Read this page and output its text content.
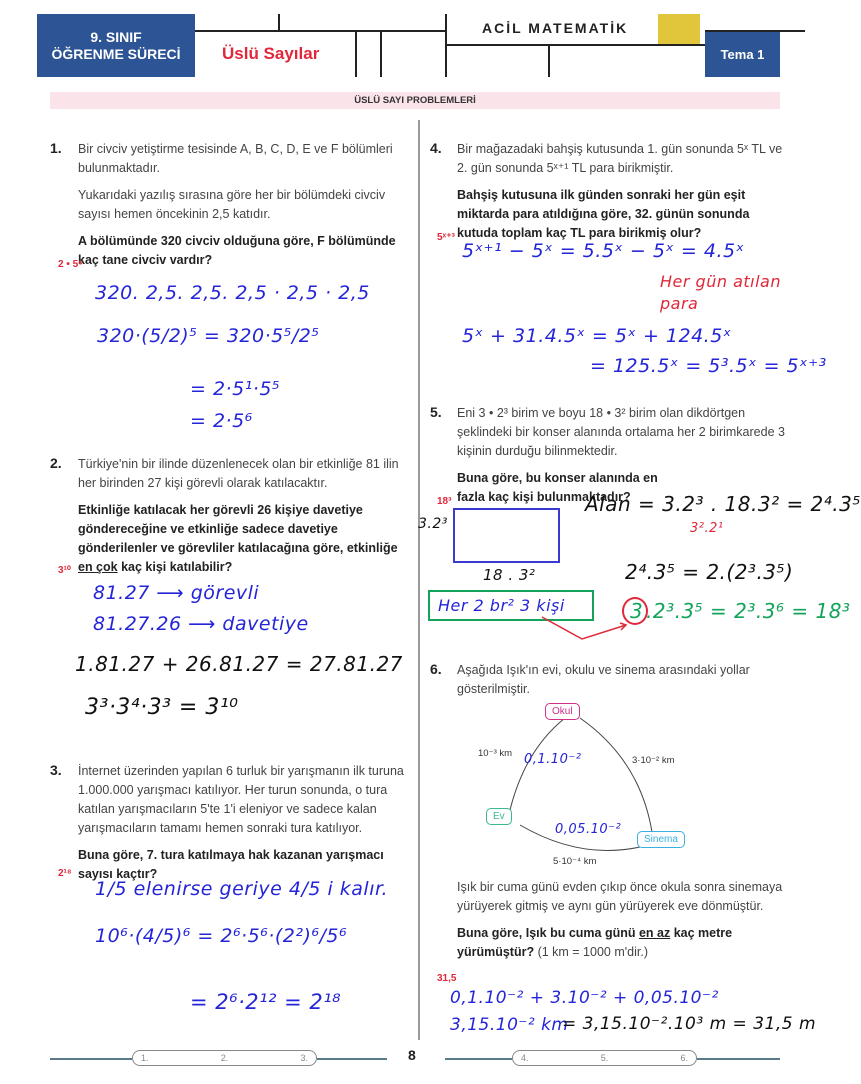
9. SINIF
ÖĞRENME SÜRECİ	Üslü Sayılar
ACİL MATEMATİK
Tema 1
ÜSLÜ SAYI PROBLEMLERİ
1. Bir civciv yetiştirme tesisinde A, B, C, D, E ve F bölümleri bulunmaktadır.

Yukarıdaki yazılış sırasına göre her bir bölümdeki civciv sayısı hemen öncekinin 2,5 katıdır.

A bölümünde 320 civciv olduğuna göre, F bölümünde kaç tane civciv vardır?

2 • 5⁶
320. 2,5. 2,5. 2,5 · 2,5 · 2,5
320·(5/2)⁵ = 320·5⁵/2⁵
= 2·5¹·5⁵
= 2·5⁶
2. Türkiye'nin bir ilinde düzenlenecek olan bir etkinliğe 81 ilin her birinden 27 kişi görevli olarak katılacaktır.

Etkinliğe katılacak her görevli 26 kişiye davetiye göndereceğine ve etkinliğe sadece davetiye gönderilenler ve görevliler katılacağına göre, etkinliğe en çok kaç kişi katılabilir?

3¹⁰
81.27 ⟶ görevli
81.27.26 ⟶ davetiye
1.81.27 + 26.81.27 = 27.81.27
3³·3⁴·3³ = 3¹⁰
3. İnternet üzerinden yapılan 6 turluk bir yarışmanın ilk turuna 1.000.000 yarışmacı katılıyor. Her turun sonunda, o tura katılan yarışmacıların 5'te 1'i eleniyor ve sadece kalan yarışmacıların tamamı hemen sonraki tura katılıyor.

Buna göre, 7. tura katılmaya hak kazanan yarışmacı sayısı kaçtır?

2¹⁸
1/5 elenirse geriye 4/5 i kalır.
10⁶·(4/5)⁶ = 2⁶·5⁶·(2²)⁶/5⁶
= 2⁶·2¹² = 2¹⁸
4. Bir mağazadaki bahşiş kutusunda 1. gün sonunda 5ˣ TL ve 2. gün sonunda 5ˣ⁺¹ TL para birikmiştir.

Bahşiş kutusuna ilk günden sonraki her gün eşit miktarda para atıldığına göre, 32. günün sonunda kutuda toplam kaç TL para birikmiş olur?

5ˣ⁺³
5ˣ⁺¹ − 5ˣ = 5.5ˣ − 5ˣ = 4.5ˣ
Her gün atılan
para
5ˣ + 31.4.5ˣ = 5ˣ + 124.5ˣ
= 125.5ˣ = 5³.5ˣ = 5ˣ⁺³
5. Eni 3 • 2³ birim ve boyu 18 • 3² birim olan dikdörtgen şeklindeki bir konser alanında ortalama her 2 birimkarede 3 kişinin durduğu bilinmektedir.

Buna göre, bu konser alanında en fazla kaç kişi bulunmaktadır?

18³
3.2³
18 . 3²
Her 2 br² 3 kişi
Alan = 3.2³ . 18.3² = 2⁴.3⁵
3².2¹
2⁴.3⁵ = 2.(2³.3⁵)
3 .2³.3⁵ = 2³.3⁶ = 18³
6. Aşağıda Işık'ın evi, okulu ve sinema arasındaki yollar gösterilmiştir.

Okul
Ev
Sinema
10⁻³ km
3·10⁻² km
5·10⁻⁴ km
0,1.10⁻²
0,05.10⁻²

Işık bir cuma günü evden çıkıp önce okula sonra sinemaya yürüyerek gitmiş ve aynı gün yürüyerek eve dönmüştür.

Buna göre, Işık bu cuma günü en az kaç metre yürümüştür? (1 km = 1000 m'dir.)

31,5
0,1.10⁻² + 3.10⁻² + 0,05.10⁻²
3,15.10⁻² km
= 3,15.10⁻².10³ m = 31,5 m
1.	2.	3.	8	4.	5.	6.
